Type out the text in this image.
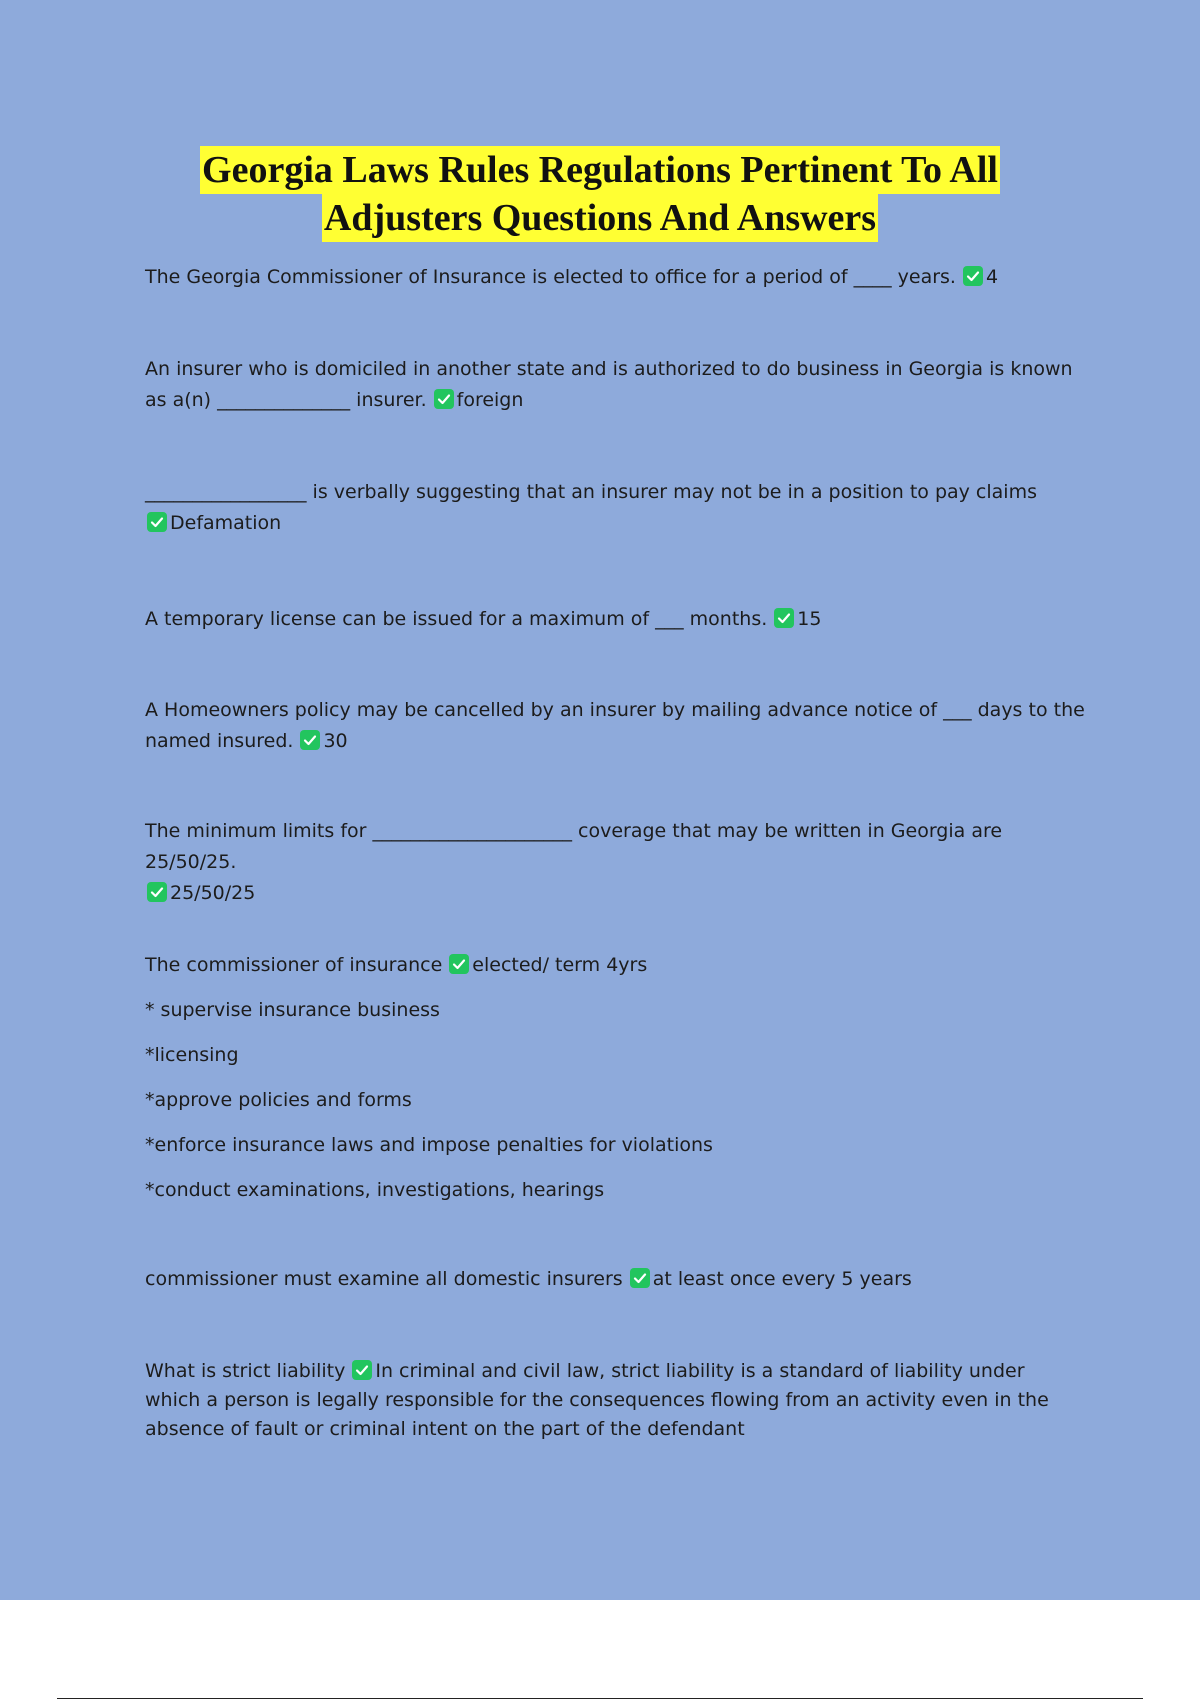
Georgia Laws Rules Regulations Pertinent To All
Adjusters Questions And Answers
The Georgia Commissioner of Insurance is elected to office for a period of ____ years. 4
An insurer who is domiciled in another state and is authorized to do business in Georgia is known as a(n) ______________ insurer. foreign
_________________ is verbally suggesting that an insurer may not be in a position to pay claims
Defamation
A temporary license can be issued for a maximum of ___ months. 15
A Homeowners policy may be cancelled by an insurer by mailing advance notice of ___ days to the named insured. 30
The minimum limits for _____________________ coverage that may be written in Georgia are 25/50/25.
25/50/25
The commissioner of insurance elected/ term 4yrs
* supervise insurance business
*licensing
*approve policies and forms
*enforce insurance laws and impose penalties for violations
*conduct examinations, investigations, hearings
commissioner must examine all domestic insurers at least once every 5 years
What is strict liability In criminal and civil law, strict liability is a standard of liability under which a person is legally responsible for the consequences flowing from an activity even in the absence of fault or criminal intent on the part of the defendant
